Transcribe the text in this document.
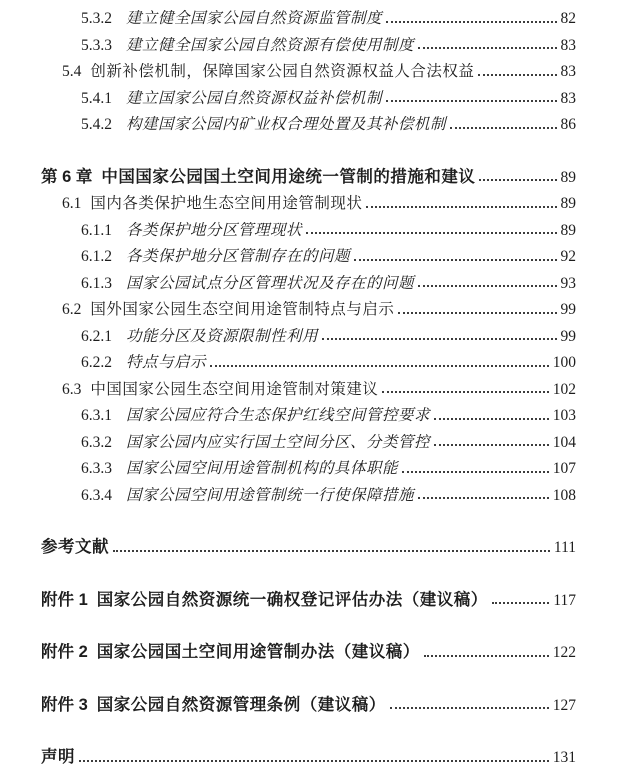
5.3.2 建立健全国家公园自然资源监管制度	82
5.3.3 建立健全国家公园自然资源有偿使用制度	83
5.4 创新补偿机制，保障国家公园自然资源权益人合法权益	83
5.4.1 建立国家公园自然资源权益补偿机制	83
5.4.2 构建国家公园内矿业权合理处置及其补偿机制	86
第 6 章 中国国家公园国土空间用途统一管制的措施和建议	89
6.1 国内各类保护地生态空间用途管制现状	89
6.1.1 各类保护地分区管理现状	89
6.1.2 各类保护地分区管制存在的问题	92
6.1.3 国家公园试点分区管理状况及存在的问题	93
6.2 国外国家公园生态空间用途管制特点与启示	99
6.2.1 功能分区及资源限制性利用	99
6.2.2 特点与启示	100
6.3 中国国家公园生态空间用途管制对策建议	102
6.3.1 国家公园应符合生态保护红线空间管控要求	103
6.3.2 国家公园内应实行国土空间分区、分类管控	104
6.3.3 国家公园空间用途管制机构的具体职能	107
6.3.4 国家公园空间用途管制统一行使保障措施	108
参考文献	111
附件 1 国家公园自然资源统一确权登记评估办法（建议稿）	117
附件 2 国家公园国土空间用途管制办法（建议稿）	122
附件 3 国家公园自然资源管理条例（建议稿）	127
声明	131
